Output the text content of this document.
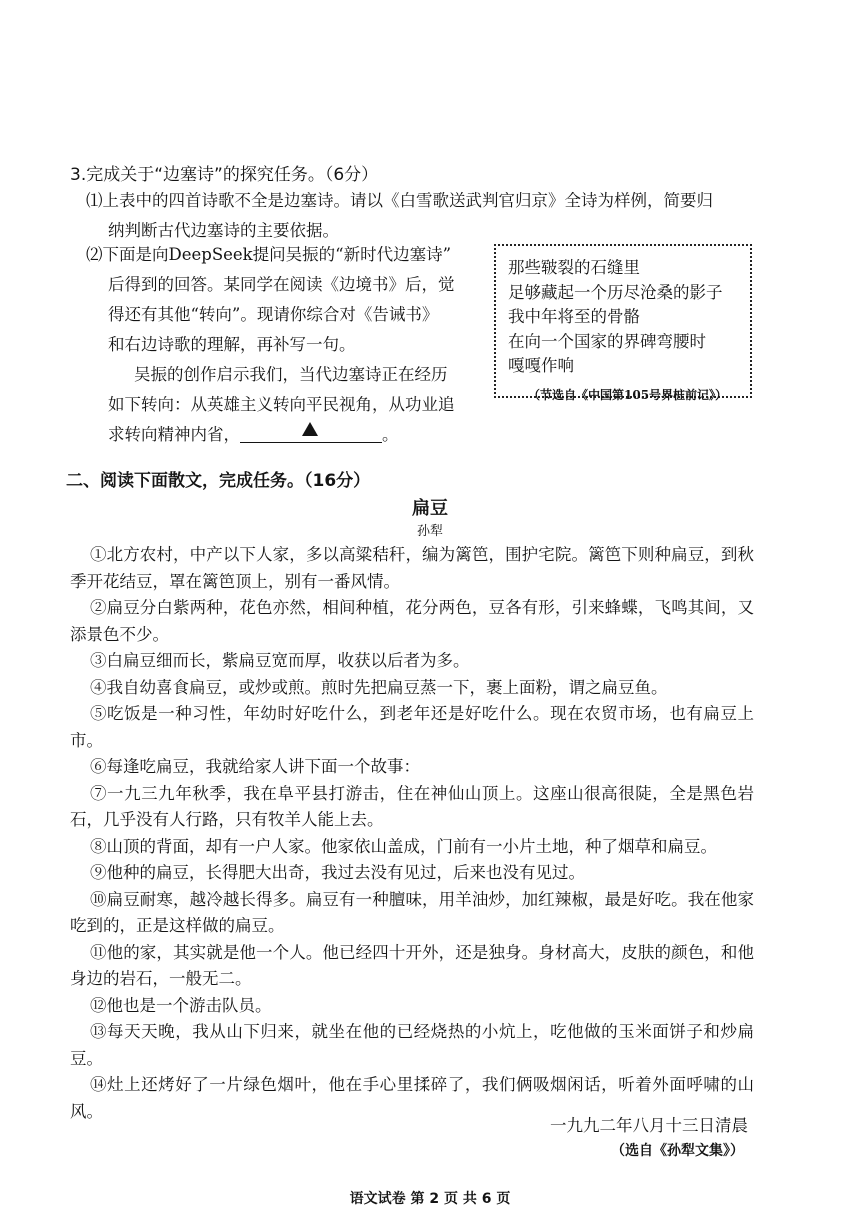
3.完成关于“边塞诗”的探究任务。（6分）
⑴上表中的四首诗歌不全是边塞诗。请以《白雪歌送武判官归京》全诗为样例，简要归
纳判断古代边塞诗的主要依据。
⑵下面是向DeepSeek提问吴振的“新时代边塞诗”
后得到的回答。某同学在阅读《边境书》后，觉
得还有其他“转向”。现请你综合对《告诫书》
和右边诗歌的理解，再补写一句。
吴振的创作启示我们，当代边塞诗正在经历
如下转向：从英雄主义转向平民视角，从功业追
求转向精神内省，	。
那些皲裂的石缝里
足够藏起一个历尽沧桑的影子
我中年将至的骨骼
在向一个国家的界碑弯腰时
嘎嘎作响
（节选自《中国第105号界桩前记》）
二、阅读下面散文，完成任务。（16分）
扁豆
孙犁

①北方农村，中产以下人家，多以高粱秸秆，编为篱笆，围护宅院。篱笆下则种扁豆，到秋季开花结豆，罩在篱笆顶上，别有一番风情。

②扁豆分白紫两种，花色亦然，相间种植，花分两色，豆各有形，引来蜂蝶，飞鸣其间，又添景色不少。

③白扁豆细而长，紫扁豆宽而厚，收获以后者为多。

④我自幼喜食扁豆，或炒或煎。煎时先把扁豆蒸一下，裹上面粉，谓之扁豆鱼。

⑤吃饭是一种习性，年幼时好吃什么，到老年还是好吃什么。现在农贸市场，也有扁豆上市。

⑥每逢吃扁豆，我就给家人讲下面一个故事：

⑦一九三九年秋季，我在阜平县打游击，住在神仙山顶上。这座山很高很陡，全是黑色岩石，几乎没有人行路，只有牧羊人能上去。

⑧山顶的背面，却有一户人家。他家依山盖成，门前有一小片土地，种了烟草和扁豆。

⑨他种的扁豆，长得肥大出奇，我过去没有见过，后来也没有见过。

⑩扁豆耐寒，越冷越长得多。扁豆有一种膻味，用羊油炒，加红辣椒，最是好吃。我在他家吃到的，正是这样做的扁豆。

⑪他的家，其实就是他一个人。他已经四十开外，还是独身。身材高大，皮肤的颜色，和他身边的岩石，一般无二。

⑫他也是一个游击队员。

⑬每天天晚，我从山下归来，就坐在他的已经烧热的小炕上，吃他做的玉米面饼子和炒扁豆。

⑭灶上还烤好了一片绿色烟叶，他在手心里揉碎了，我们俩吸烟闲话，听着外面呼啸的山风。

一九九二年八月十三日清晨
（选自《孙犁文集》）
语文试卷 第 2 页 共 6 页
